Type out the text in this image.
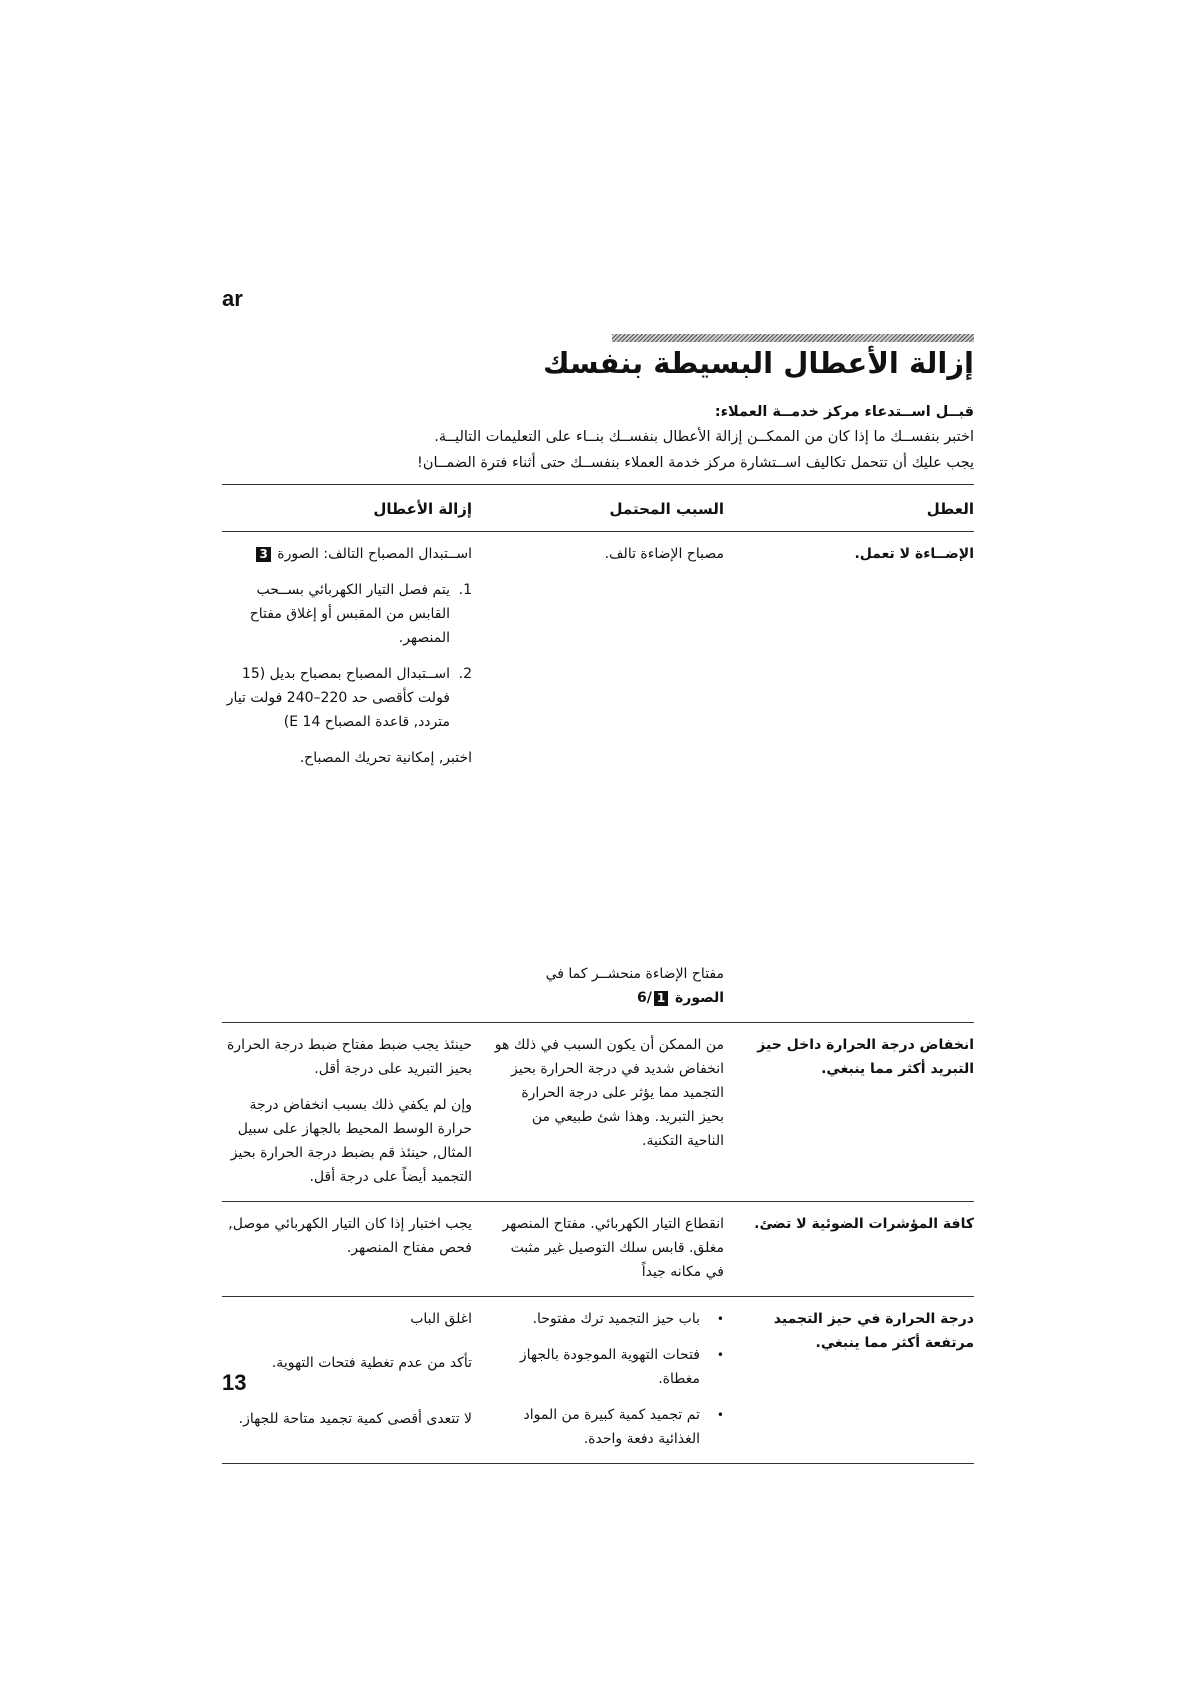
ar
إزالة الأعطال البسيطة بنفسك
قبــل اســتدعاء مركز خدمــة العملاء:
اختبر بنفســك ما إذا كان من الممكــن إزالة الأعطال بنفســك بنــاء على التعليمات التاليــة.
يجب عليك أن تتحمل تكاليف اســتشارة مركز خدمة العملاء بنفســك حتى أثناء فترة الضمــان!
العطل
السبب المحتمل
إزالة الأعطال
الإضــاءة لا تعمل.
مصباح الإضاءة تالف.
مفتاح الإضاءة منحشــر كما في
الصورة 6/ 1
اســتبدال المصباح التالف: الصورة 3
1.
يتم فصل التيار الكهربائي بســحب القابس من المقبس أو إغلاق مفتاح المنصهر.
2.
اســتبدال المصباح بمصباح بديل (15 فولت كأقصى حد 220–240 فولت تيار متردد, قاعدة المصباح E 14)
اختبر, إمكانية تحريك المصباح.
انخفاض درجة الحرارة داخل حيز التبريد أكثر مما ينبغي.
من الممكن أن يكون السبب في ذلك هو انخفاض شديد في درجة الحرارة بحيز التجميد مما يؤثر على درجة الحرارة بحيز التبريد. وهذا شئ طبيعي من الناحية التكنية.
حينئذ يجب ضبط مفتاح ضبط درجة الحرارة بحيز التبريد على درجة أقل.
وإن لم يكفي ذلك بسبب انخفاض درجة حرارة الوسط المحيط بالجهاز على سبيل المثال, حينئذ قم بضبط درجة الحرارة بحيز التجميد أيضاً على درجة أقل.
كافة المؤشرات الضوئية لا تضئ.
انقطاع التيار الكهربائي. مفتاح المنصهر مغلق. قابس سلك التوصيل غير مثبت في مكانه جيداً
يجب اختبار إذا كان التيار الكهربائي موصل, فحص مفتاح المنصهر.
درجة الحرارة في حيز التجميد مرتفعة أكثر مما ينبغي.
•
باب حيز التجميد ترك مفتوحا.
•
فتحات التهوية الموجودة بالجهاز مغطاة.
•
تم تجميد كمية كبيرة من المواد الغذائية دفعة واحدة.
اغلق الباب
تأكد من عدم تغطية فتحات التهوية.
لا تتعدى أقصى كمية تجميد متاحة للجهاز.
13
